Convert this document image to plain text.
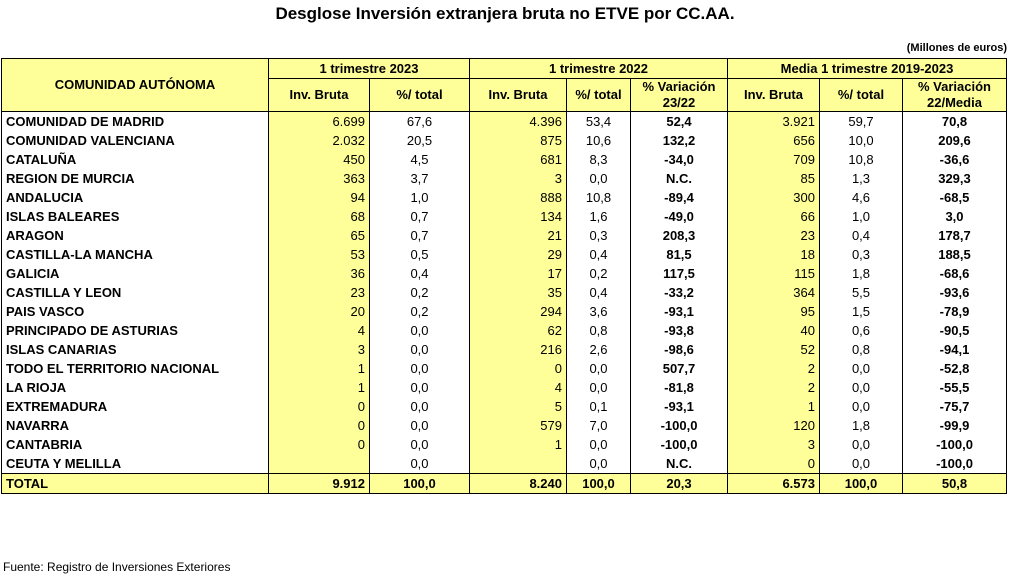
Desglose Inversión extranjera bruta no ETVE por CC.AA.
(Millones de euros)
COMUNIDAD AUTÓNOMA	1 trimestre 2023		1 trimestre 2022			Media 1 trimestre 2019-2023		
	Inv. Bruta	%/ total	Inv. Bruta	%/ total	% Variación 23/22	Inv. Bruta	%/ total	% Variación 22/Media

COMUNIDAD DE MADRID	6.699	67,6	4.396	53,4	52,4	3.921	59,7	70,8
COMUNIDAD VALENCIANA	2.032	20,5	875	10,6	132,2	656	10,0	209,6
CATALUÑA	450	4,5	681	8,3	-34,0	709	10,8	-36,6
REGION DE MURCIA	363	3,7	3	0,0	N.C.	85	1,3	329,3
ANDALUCIA	94	1,0	888	10,8	-89,4	300	4,6	-68,5
ISLAS BALEARES	68	0,7	134	1,6	-49,0	66	1,0	3,0
ARAGON	65	0,7	21	0,3	208,3	23	0,4	178,7
CASTILLA-LA MANCHA	53	0,5	29	0,4	81,5	18	0,3	188,5
GALICIA	36	0,4	17	0,2	117,5	115	1,8	-68,6
CASTILLA Y LEON	23	0,2	35	0,4	-33,2	364	5,5	-93,6
PAIS VASCO	20	0,2	294	3,6	-93,1	95	1,5	-78,9
PRINCIPADO DE ASTURIAS	4	0,0	62	0,8	-93,8	40	0,6	-90,5
ISLAS CANARIAS	3	0,0	216	2,6	-98,6	52	0,8	-94,1
TODO EL TERRITORIO NACIONAL	1	0,0	0	0,0	507,7	2	0,0	-52,8
LA RIOJA	1	0,0	4	0,0	-81,8	2	0,0	-55,5
EXTREMADURA	0	0,0	5	0,1	-93,1	1	0,0	-75,7
NAVARRA	0	0,0	579	7,0	-100,0	120	1,8	-99,9
CANTABRIA	0	0,0	1	0,0	-100,0	3	0,0	-100,0
CEUTA Y MELILLA		0,0		0,0	N.C.	0	0,0	-100,0
TOTAL	9.912	100,0	8.240	100,0	20,3	6.573	100,0	50,8
Fuente: Registro de Inversiones Exteriores
